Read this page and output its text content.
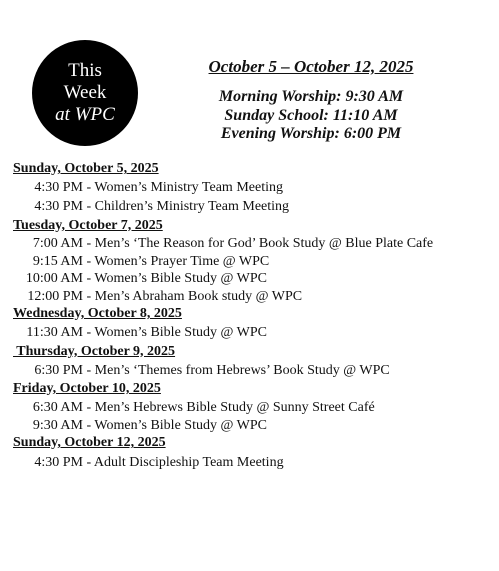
This
Week
at WPC
October 5 – October 12, 2025
Morning Worship: 9:30 AM
Sunday School: 11:10 AM
Evening Worship: 6:00 PM
Sunday, October 5, 2025
4:30 PM - Women’s Ministry Team Meeting
4:30 PM - Children’s Ministry Team Meeting
Tuesday, October 7, 2025
7:00 AM - Men’s ‘The Reason for God’ Book Study @ Blue Plate Cafe
9:15 AM - Women’s Prayer Time @ WPC
10:00 AM - Women’s Bible Study @ WPC
12:00 PM - Men’s Abraham Book study @ WPC
Wednesday, October 8, 2025
11:30 AM - Women’s Bible Study @ WPC
Thursday, October 9, 2025
6:30 PM - Men’s ‘Themes from Hebrews’ Book Study @ WPC
Friday, October 10, 2025
6:30 AM - Men’s Hebrews Bible Study @ Sunny Street Café
9:30 AM - Women’s Bible Study @ WPC
Sunday, October 12, 2025
4:30 PM - Adult Discipleship Team Meeting
